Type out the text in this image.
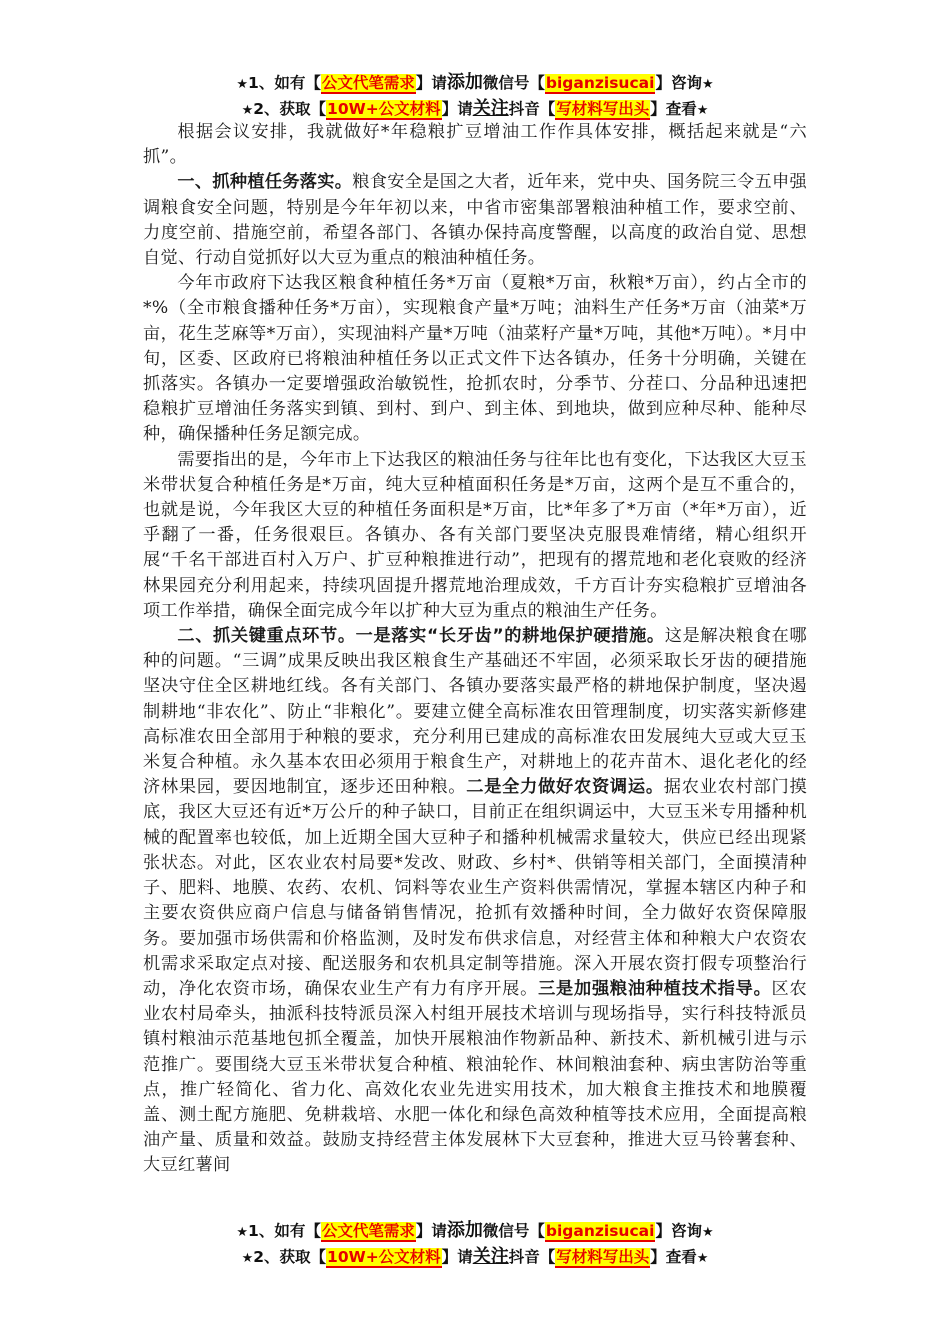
★1、如有【公文代笔需求】请添加微信号【biganzisucai】咨询★
★2、获取【10W+公文材料】请关注抖音【写材料写出头】查看★

根据会议安排，我就做好*年稳粮扩豆增油工作作具体安排，概括起来就是“六抓”。

一、抓种植任务落实。粮食安全是国之大者，近年来，党中央、国务院三令五申强调粮食安全问题，特别是今年年初以来，中省市密集部署粮油种植工作，要求空前、力度空前、措施空前，希望各部门、各镇办保持高度警醒，以高度的政治自觉、思想自觉、行动自觉抓好以大豆为重点的粮油种植任务。

今年市政府下达我区粮食种植任务*万亩（夏粮*万亩，秋粮*万亩），约占全市的*%（全市粮食播种任务*万亩），实现粮食产量*万吨；油料生产任务*万亩（油菜*万亩，花生芝麻等*万亩），实现油料产量*万吨（油菜籽产量*万吨，其他*万吨）。*月中旬，区委、区政府已将粮油种植任务以正式文件下达各镇办，任务十分明确，关键在抓落实。各镇办一定要增强政治敏锐性，抢抓农时，分季节、分茬口、分品种迅速把稳粮扩豆增油任务落实到镇、到村、到户、到主体、到地块，做到应种尽种、能种尽种，确保播种任务足额完成。

需要指出的是，今年市上下达我区的粮油任务与往年比也有变化，下达我区大豆玉米带状复合种植任务是*万亩，纯大豆种植面积任务是*万亩，这两个是互不重合的，也就是说，今年我区大豆的种植任务面积是*万亩，比*年多了*万亩（*年*万亩），近乎翻了一番，任务很艰巨。各镇办、各有关部门要坚决克服畏难情绪，精心组织开展“千名干部进百村入万户、扩豆种粮推进行动”，把现有的撂荒地和老化衰败的经济林果园充分利用起来，持续巩固提升撂荒地治理成效，千方百计夯实稳粮扩豆增油各项工作举措，确保全面完成今年以扩种大豆为重点的粮油生产任务。

二、抓关键重点环节。一是落实“长牙齿”的耕地保护硬措施。这是解决粮食在哪种的问题。“三调”成果反映出我区粮食生产基础还不牢固，必须采取长牙齿的硬措施坚决守住全区耕地红线。各有关部门、各镇办要落实最严格的耕地保护制度，坚决遏制耕地“非农化”、防止“非粮化”。要建立健全高标准农田管理制度，切实落实新修建高标准农田全部用于种粮的要求，充分利用已建成的高标准农田发展纯大豆或大豆玉米复合种植。永久基本农田必须用于粮食生产，对耕地上的花卉苗木、退化老化的经济林果园，要因地制宜，逐步还田种粮。二是全力做好农资调运。据农业农村部门摸底，我区大豆还有近*万公斤的种子缺口，目前正在组织调运中，大豆玉米专用播种机械的配置率也较低，加上近期全国大豆种子和播种机械需求量较大，供应已经出现紧张状态。对此，区农业农村局要*发改、财政、乡村*、供销等相关部门，全面摸清种子、肥料、地膜、农药、农机、饲料等农业生产资料供需情况，掌握本辖区内种子和主要农资供应商户信息与储备销售情况，抢抓有效播种时间，全力做好农资保障服务。要加强市场供需和价格监测，及时发布供求信息，对经营主体和种粮大户农资农机需求采取定点对接、配送服务和农机具定制等措施。深入开展农资打假专项整治行动，净化农资市场，确保农业生产有力有序开展。三是加强粮油种植技术指导。区农业农村局牵头，抽派科技特派员深入村组开展技术培训与现场指导，实行科技特派员镇村粮油示范基地包抓全覆盖，加快开展粮油作物新品种、新技术、新机械引进与示范推广。要围绕大豆玉米带状复合种植、粮油轮作、林间粮油套种、病虫害防治等重点，推广轻简化、省力化、高效化农业先进实用技术，加大粮食主推技术和地膜覆盖、测土配方施肥、免耕栽培、水肥一体化和绿色高效种植等技术应用，全面提高粮油产量、质量和效益。鼓励支持经营主体发展林下大豆套种，推进大豆马铃薯套种、大豆红薯间

★1、如有【公文代笔需求】请添加微信号【biganzisucai】咨询★
★2、获取【10W+公文材料】请关注抖音【写材料写出头】查看★
